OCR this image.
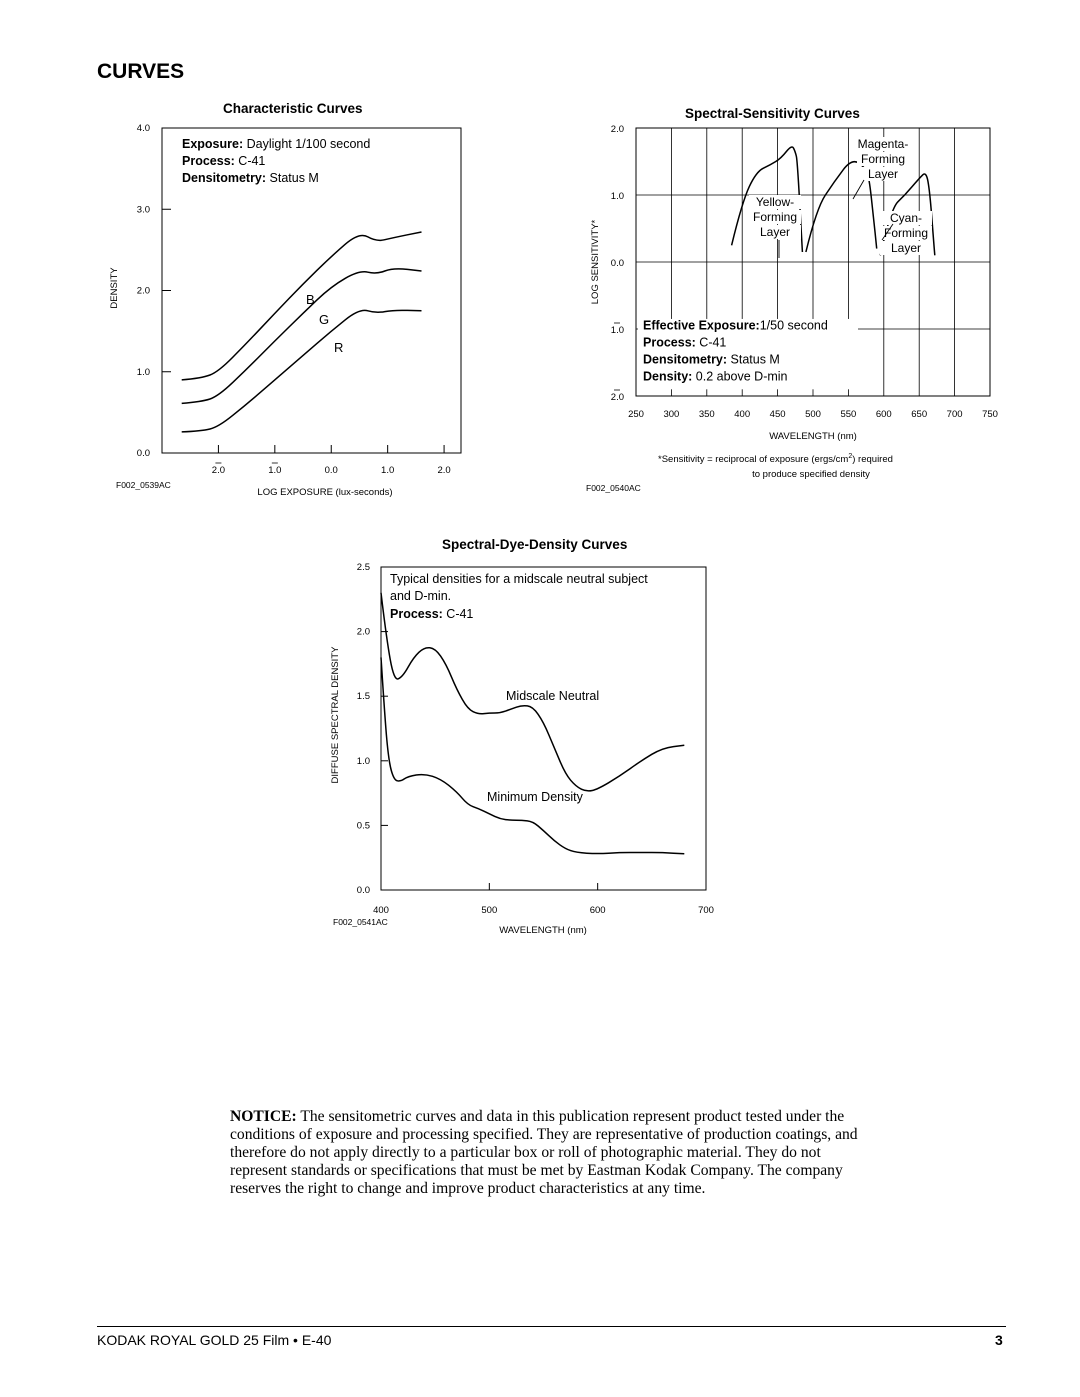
CURVES
Characteristic Curves
0.0
1.0
2.0
3.0
4.0
2.0	1.0	0.0	1.0	2.0
DENSITY
LOG EXPOSURE (lux-seconds)
F002_0539AC
Exposure: Daylight 1/100 second
Process: C-41
Densitometry: Status M
B
G
R
Spectral-Sensitivity Curves
250 300 350 400 450 500 550 600 650 700 750
2.0
1.0
0.0
1.0
2.0
Effective Exposure:1/50 second
Process: C-41
Densitometry: Status M
Density: 0.2 above D-min
LOG SENSITIVITY*
WAVELENGTH (nm)
F002_0540AC
*Sensitivity = reciprocal of exposure $(ergs/cm^2)$ required
to produce specified density
Yellow-
Forming
Layer
Magenta-
Forming
Layer
Cyan-
Forming
Layer
Spectral-Dye-Density Curves
0.0
0.5
1.0
1.5
2.0
2.5
400	500	600	700
DIFFUSE SPECTRAL DENSITY
WAVELENGTH (nm)
F002_0541AC
Typical densities for a midscale neutral subject
and D-min.
Process: C-41
Midscale Neutral
Minimum Density
NOTICE: The sensitometric curves and data in this publication represent product tested under the conditions of exposure and processing specified. They are representative of production coatings, and therefore do not apply directly to a particular box or roll of photographic material. They do not represent standards or specifications that must be met by Eastman Kodak Company. The company reserves the right to change and improve product characteristics at any time.
KODAK ROYAL GOLD 25 Film • E-40	3
